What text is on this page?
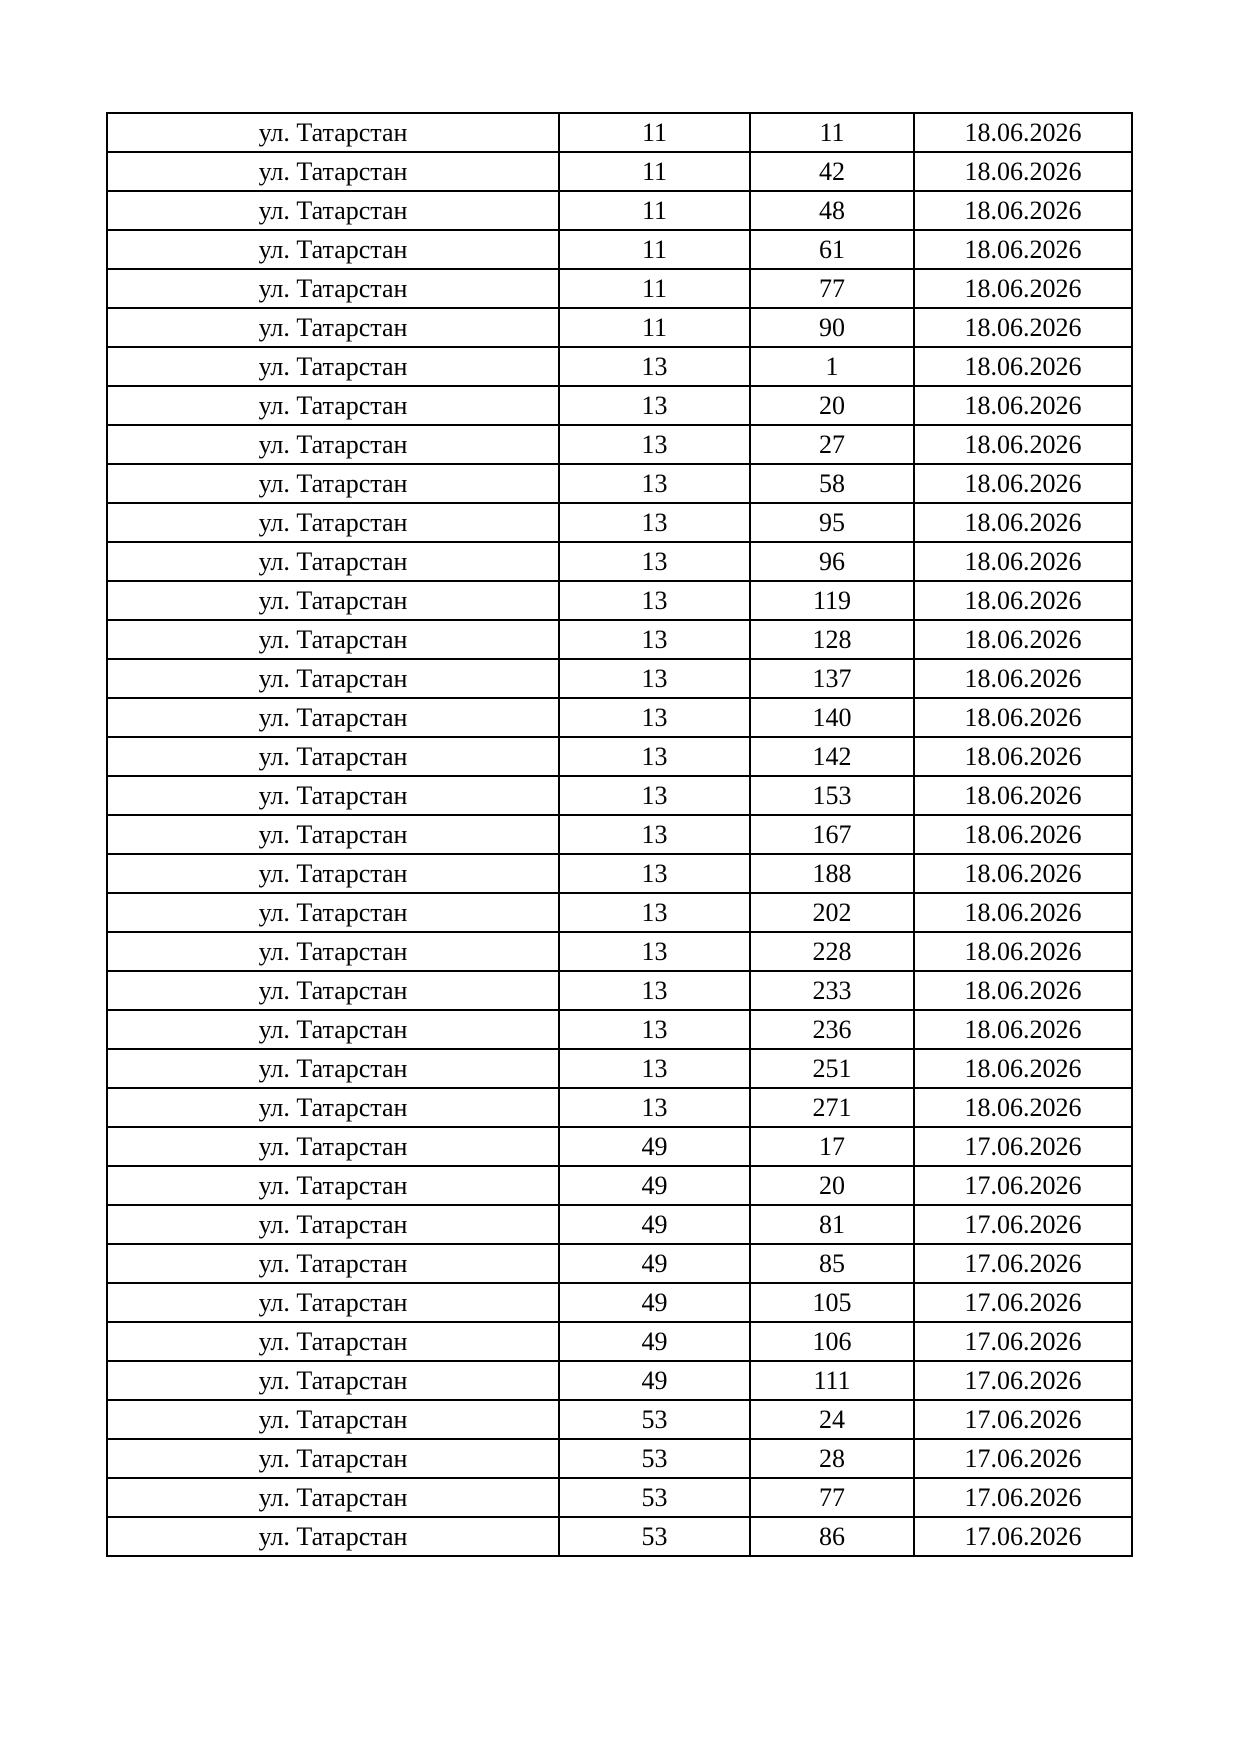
ул. Татарстан	11	11	18.06.2026
ул. Татарстан	11	42	18.06.2026
ул. Татарстан	11	48	18.06.2026
ул. Татарстан	11	61	18.06.2026
ул. Татарстан	11	77	18.06.2026
ул. Татарстан	11	90	18.06.2026
ул. Татарстан	13	1	18.06.2026
ул. Татарстан	13	20	18.06.2026
ул. Татарстан	13	27	18.06.2026
ул. Татарстан	13	58	18.06.2026
ул. Татарстан	13	95	18.06.2026
ул. Татарстан	13	96	18.06.2026
ул. Татарстан	13	119	18.06.2026
ул. Татарстан	13	128	18.06.2026
ул. Татарстан	13	137	18.06.2026
ул. Татарстан	13	140	18.06.2026
ул. Татарстан	13	142	18.06.2026
ул. Татарстан	13	153	18.06.2026
ул. Татарстан	13	167	18.06.2026
ул. Татарстан	13	188	18.06.2026
ул. Татарстан	13	202	18.06.2026
ул. Татарстан	13	228	18.06.2026
ул. Татарстан	13	233	18.06.2026
ул. Татарстан	13	236	18.06.2026
ул. Татарстан	13	251	18.06.2026
ул. Татарстан	13	271	18.06.2026
ул. Татарстан	49	17	17.06.2026
ул. Татарстан	49	20	17.06.2026
ул. Татарстан	49	81	17.06.2026
ул. Татарстан	49	85	17.06.2026
ул. Татарстан	49	105	17.06.2026
ул. Татарстан	49	106	17.06.2026
ул. Татарстан	49	111	17.06.2026
ул. Татарстан	53	24	17.06.2026
ул. Татарстан	53	28	17.06.2026
ул. Татарстан	53	77	17.06.2026
ул. Татарстан	53	86	17.06.2026
